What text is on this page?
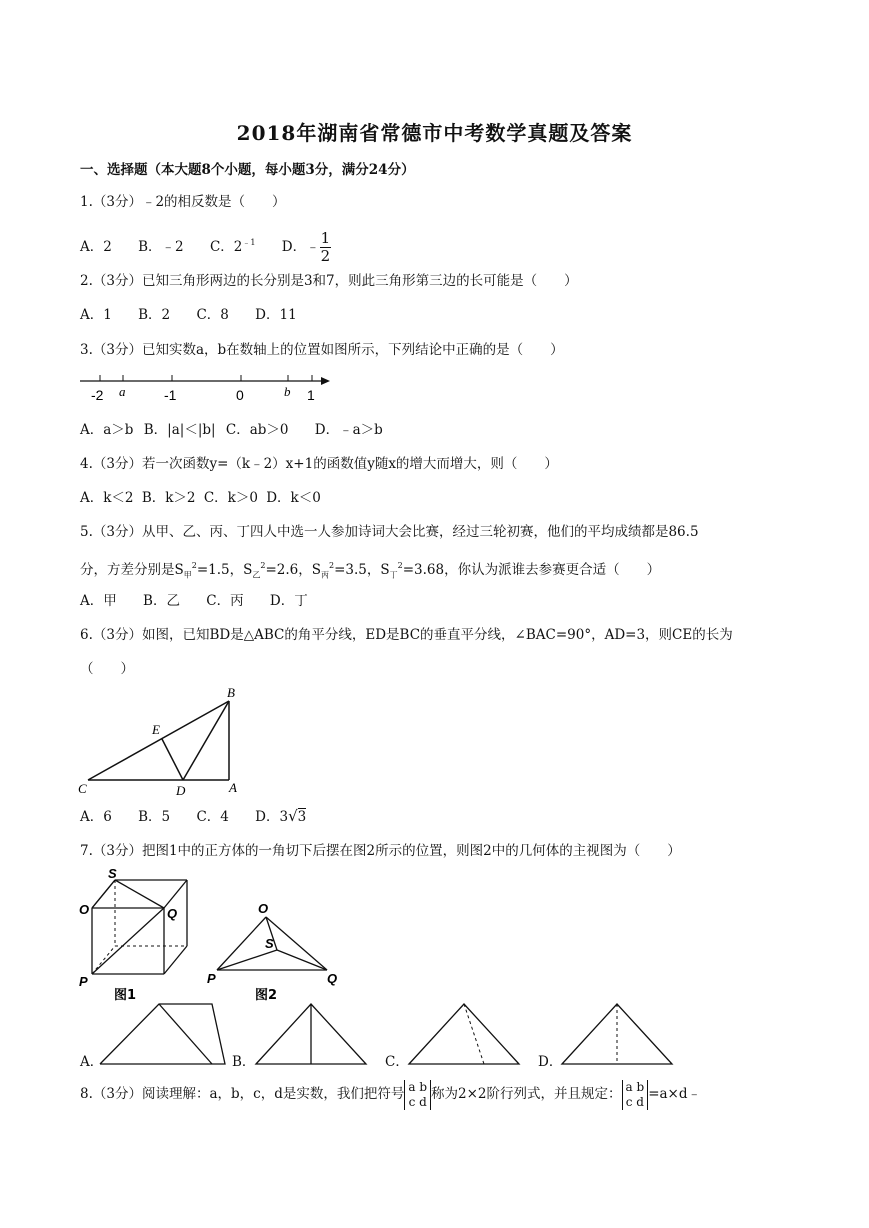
2018年湖南省常德市中考数学真题及答案
一、选择题（本大题8个小题，每小题3分，满分24分）
1.（3分）﹣2的相反数是（　　）
A．2 B．﹣2 C．$2^{﹣1}$ D．﹣ $\frac{1}{2}$
2.（3分）已知三角形两边的长分别是3和7，则此三角形第三边的长可能是（　　）
A．1 B．2 C．8 D．11
3.（3分）已知实数a，b在数轴上的位置如图所示，下列结论中正确的是（　　）
-2 a	-1	0	b 1
A．a＞b B．|a|＜|b| C．ab＞0 D．﹣a＞b
4.（3分）若一次函数y=（k﹣2）x+1的函数值y随x的增大而增大，则（　　）
A．k＜2 B．k＞2 C．k＞0 D．k＜0
5.（3分）从甲、乙、丙、丁四人中选一人参加诗词大会比赛，经过三轮初赛，他们的平均成绩都是86.5
分，方差分别是$S_甲^2=1.5$，$S_乙^2=2.6$，$S_丙^2=3.5$，$S_丁^2=3.68$，你认为派谁去参赛更合适（　　）
A．甲 B．乙 C．丙 D．丁
6.（3分）如图，已知BD是△ABC的角平分线，ED是BC的垂直平分线，∠BAC=90°，AD=3，则CE的长为
（　　）
B
E
C	D	A
A．6 B．5 C．4 D．3√3
7.（3分）把图1中的正方体的一角切下后摆在图2所示的位置，则图2中的几何体的主视图为（　　）
S
O	Q
P
图1
O
S
P	Q
图2
A．	B．	C．	D．
8.（3分）阅读理解：a，b，c，d是实数，我们把符号 a b
c d 称为2×2阶行列式，并且规定： a b
c d =a×d﹣
